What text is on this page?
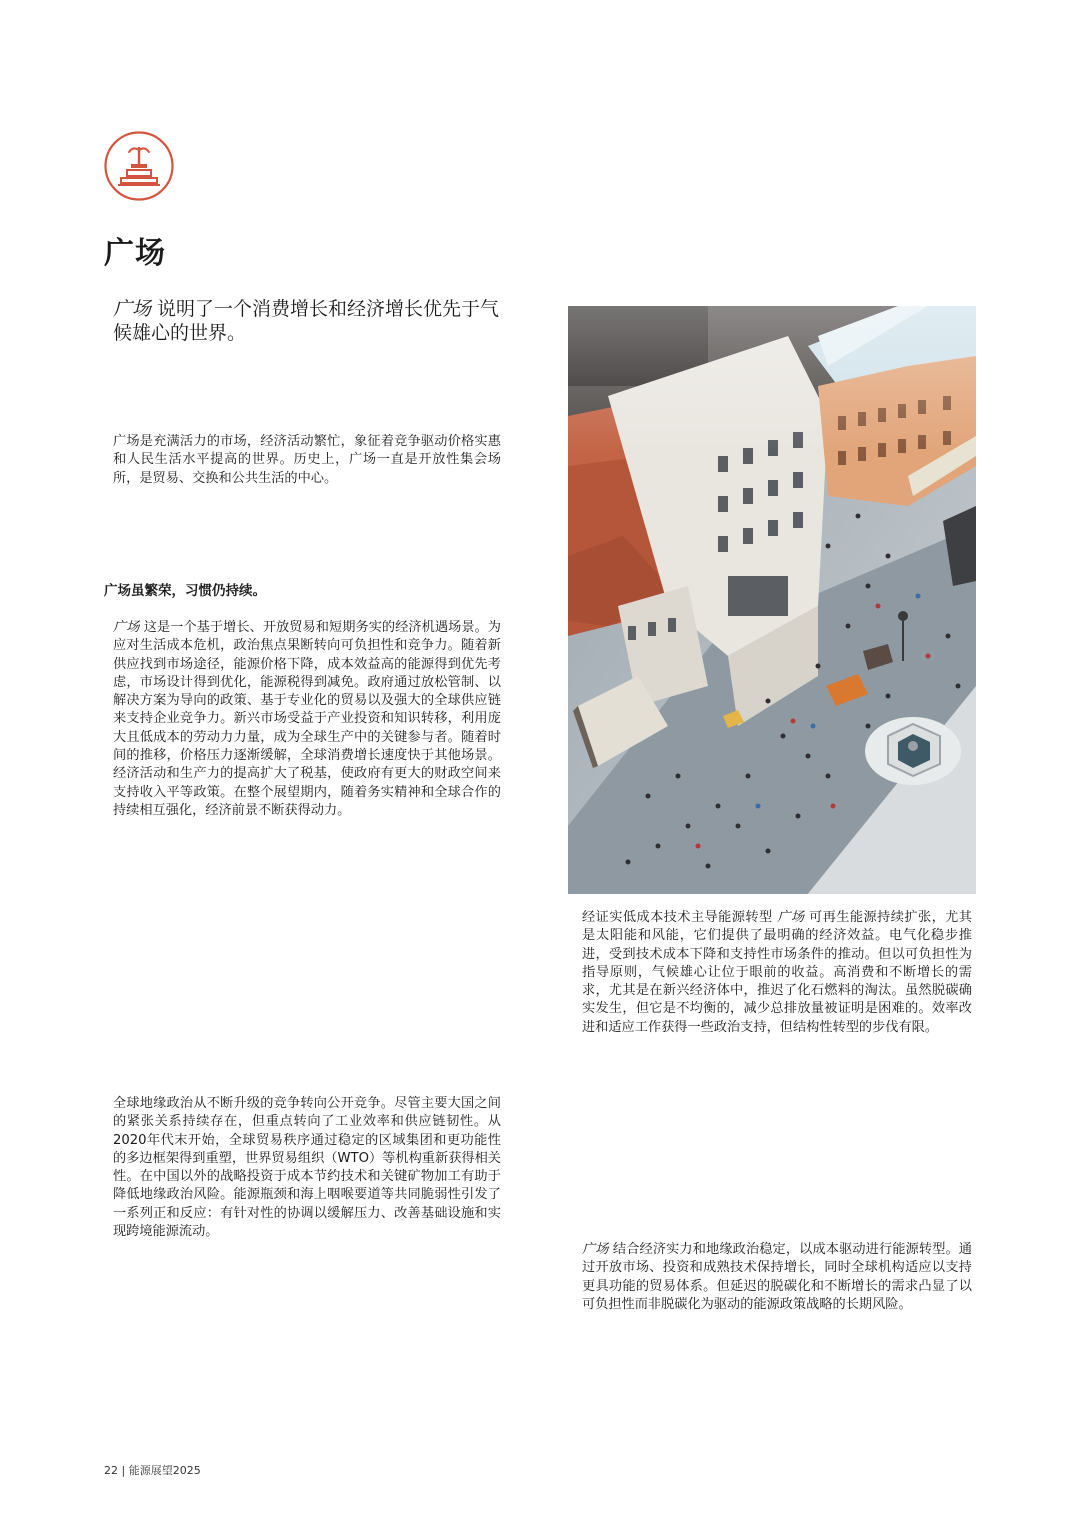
广场

广场 说明了一个消费增长和经济增长优先于气候雄心的世界。

广场是充满活力的市场，经济活动繁忙，象征着竞争驱动价格实惠和人民生活水平提高的世界。历史上，广场一直是开放性集会场所，是贸易、交换和公共生活的中心。

广场虽繁荣，习惯仍持续。

广场 这是一个基于增长、开放贸易和短期务实的经济机遇场景。为应对生活成本危机，政治焦点果断转向可负担性和竞争力。随着新供应找到市场途径，能源价格下降，成本效益高的能源得到优先考虑，市场设计得到优化，能源税得到减免。政府通过放松管制、以解决方案为导向的政策、基于专业化的贸易以及强大的全球供应链来支持企业竞争力。新兴市场受益于产业投资和知识转移，利用庞大且低成本的劳动力力量，成为全球生产中的关键参与者。随着时间的推移，价格压力逐渐缓解，全球消费增长速度快于其他场景。经济活动和生产力的提高扩大了税基，使政府有更大的财政空间来支持收入平等政策。在整个展望期内，随着务实精神和全球合作的持续相互强化，经济前景不断获得动力。

全球地缘政治从不断升级的竞争转向公开竞争。尽管主要大国之间的紧张关系持续存在，但重点转向了工业效率和供应链韧性。从2020年代末开始，全球贸易秩序通过稳定的区域集团和更功能性的多边框架得到重塑，世界贸易组织（WTO）等机构重新获得相关性。在中国以外的战略投资于成本节约技术和关键矿物加工有助于降低地缘政治风险。能源瓶颈和海上咽喉要道等共同脆弱性引发了一系列正和反应：有针对性的协调以缓解压力、改善基础设施和实现跨境能源流动。

经证实低成本技术主导能源转型 广场 可再生能源持续扩张，尤其是太阳能和风能，它们提供了最明确的经济效益。电气化稳步推进，受到技术成本下降和支持性市场条件的推动。但以可负担性为指导原则，气候雄心让位于眼前的收益。高消费和不断增长的需求，尤其是在新兴经济体中，推迟了化石燃料的淘汰。虽然脱碳确实发生，但它是不均衡的，减少总排放量被证明是困难的。效率改进和适应工作获得一些政治支持，但结构性转型的步伐有限。

广场 结合经济实力和地缘政治稳定，以成本驱动进行能源转型。通过开放市场、投资和成熟技术保持增长，同时全球机构适应以支持更具功能的贸易体系。但延迟的脱碳化和不断增长的需求凸显了以可负担性而非脱碳化为驱动的能源政策战略的长期风险。

22 | 能源展望2025
